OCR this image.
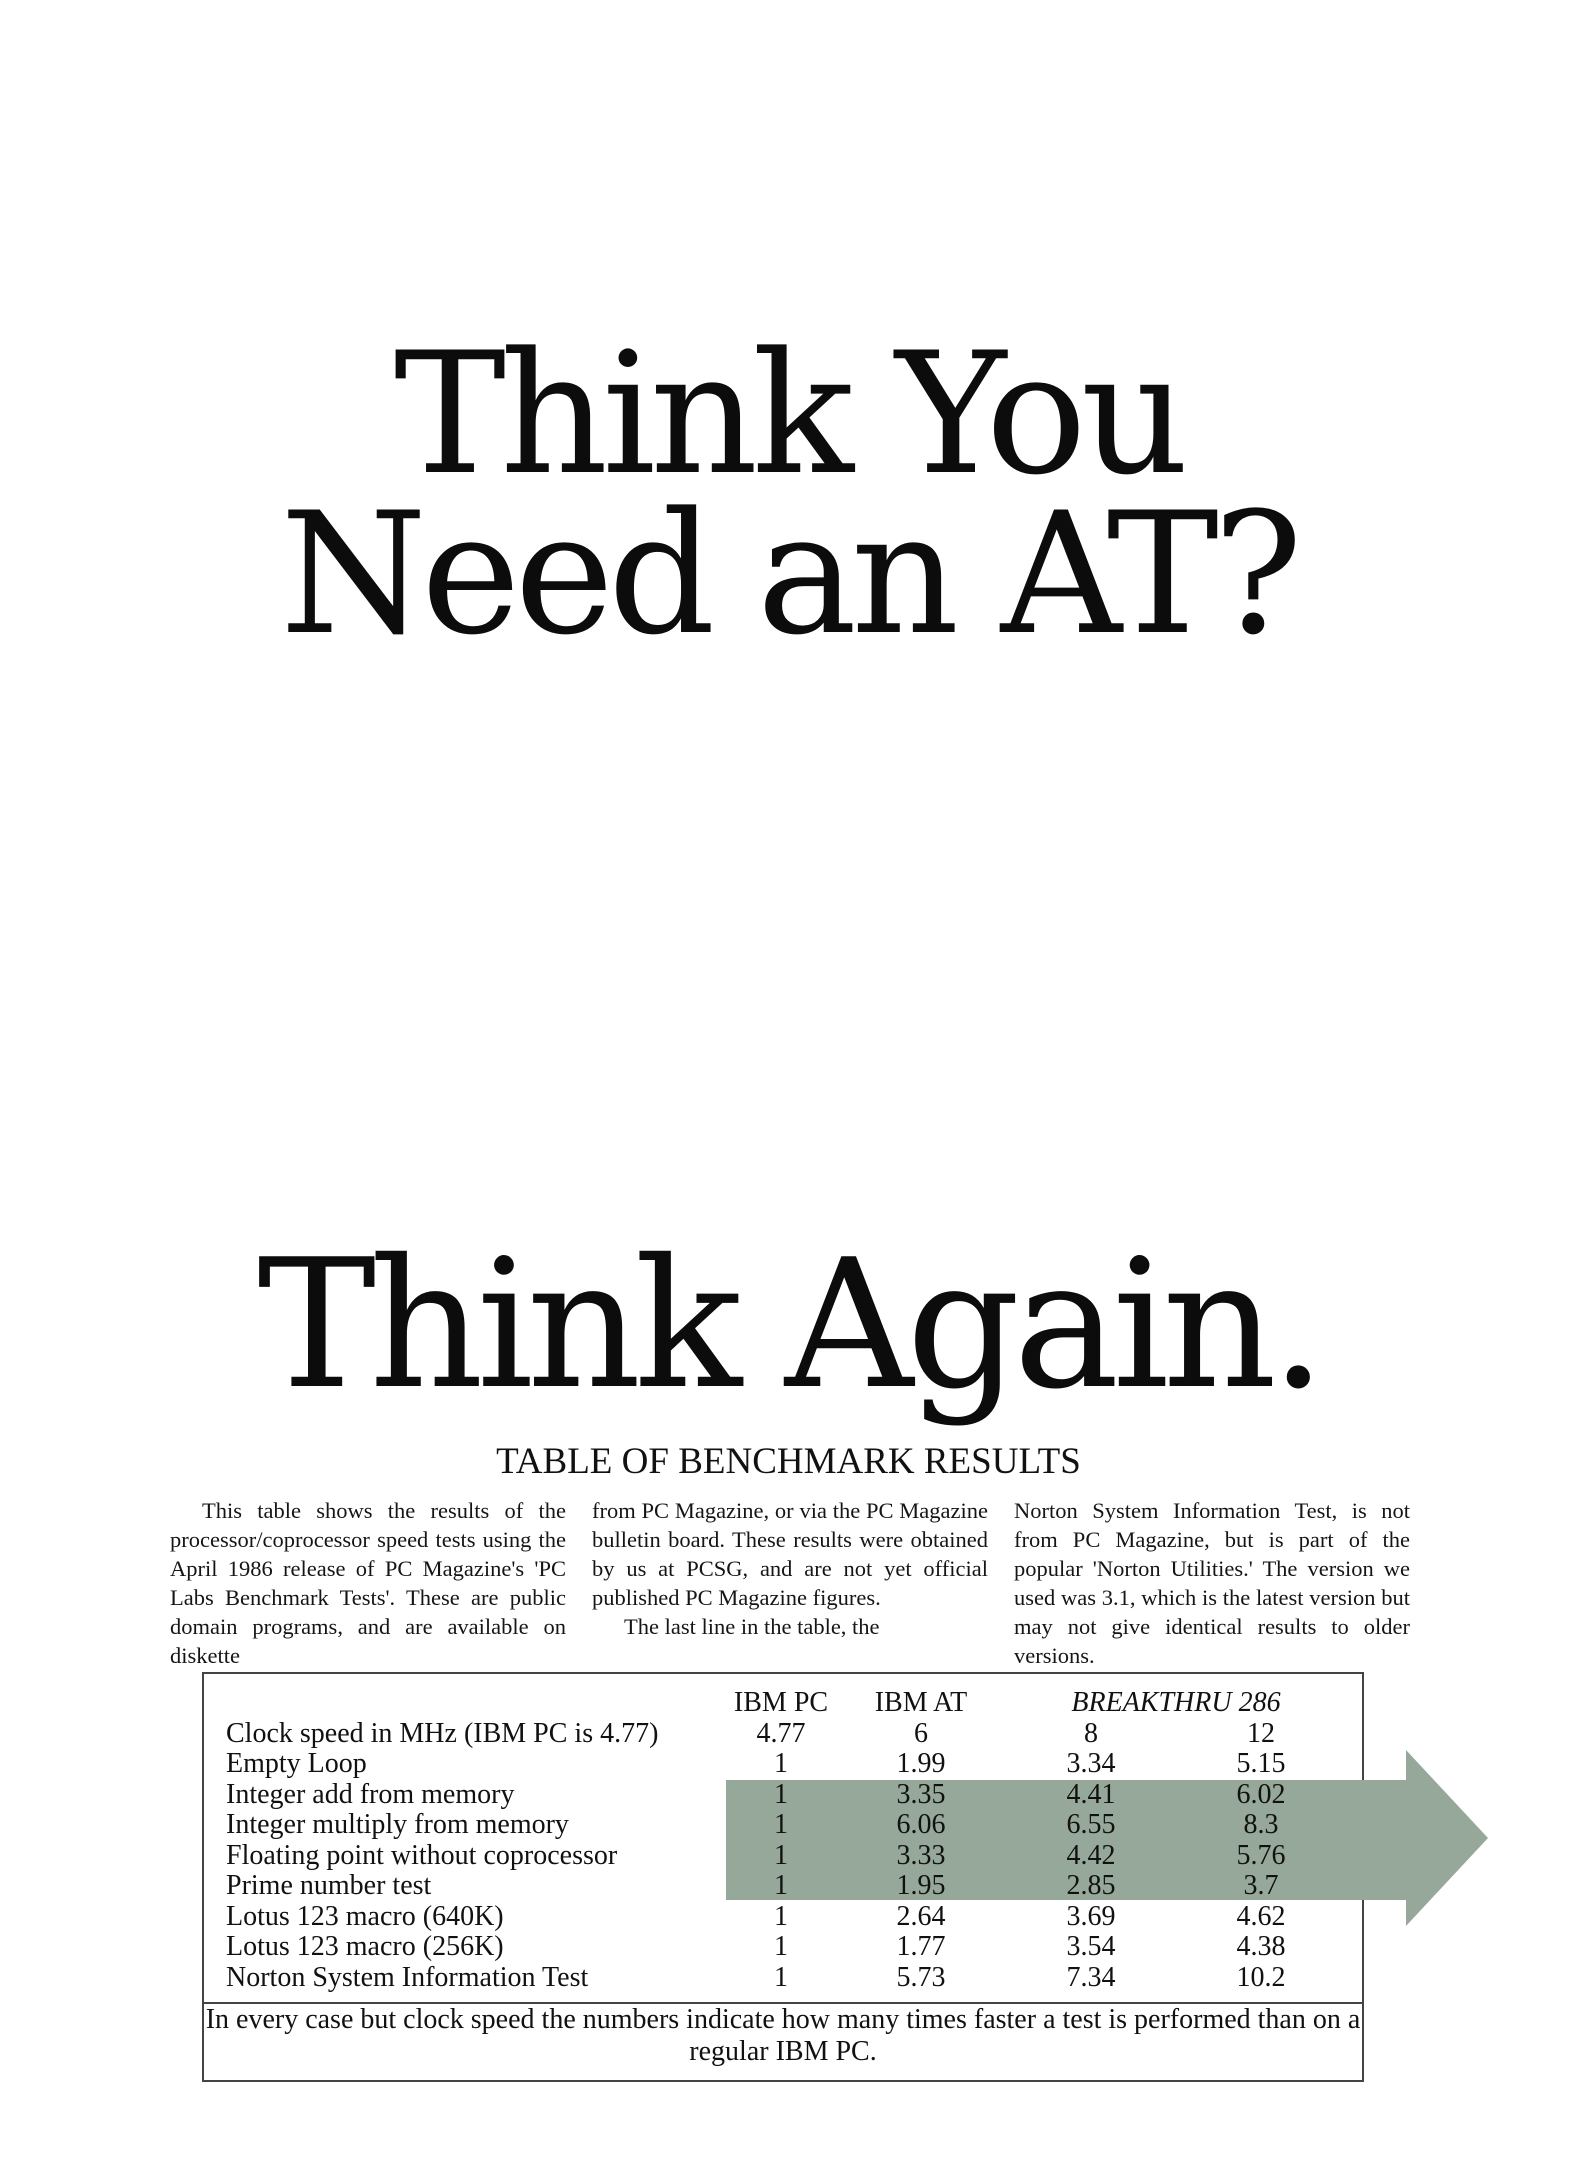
Think You
Need an AT?
Think Again.
TABLE OF BENCHMARK RESULTS

This table shows the results of the processor/coprocessor speed tests using the April 1986 release of PC Magazine's 'PC Labs Benchmark Tests'. These are public domain programs, and are available on diskette

from PC Magazine, or via the PC Magazine bulletin board. These results were obtained by us at PCSG, and are not yet official published PC Magazine figures.
The last line in the table, the

Norton System Information Test, is not from PC Magazine, but is part of the popular 'Norton Utilities.' The version we used was 3.1, which is the latest version but may not give identical results to older versions.

	IBM PC	IBM AT	BREAKTHRU 286	
Clock speed in MHz (IBM PC is 4.77)	4.77	6	8	12
Empty Loop	1	1.99	3.34	5.15
Integer add from memory	1	3.35	4.41	6.02
Integer multiply from memory	1	6.06	6.55	8.3
Floating point without coprocessor	1	3.33	4.42	5.76
Prime number test	1	1.95	2.85	3.7
Lotus 123 macro (640K)	1	2.64	3.69	4.62
Lotus 123 macro (256K)	1	1.77	3.54	4.38
Norton System Information Test	1	5.73	7.34	10.2
In every case but clock speed the numbers indicate how many times faster a test is performed than on a regular IBM PC.
